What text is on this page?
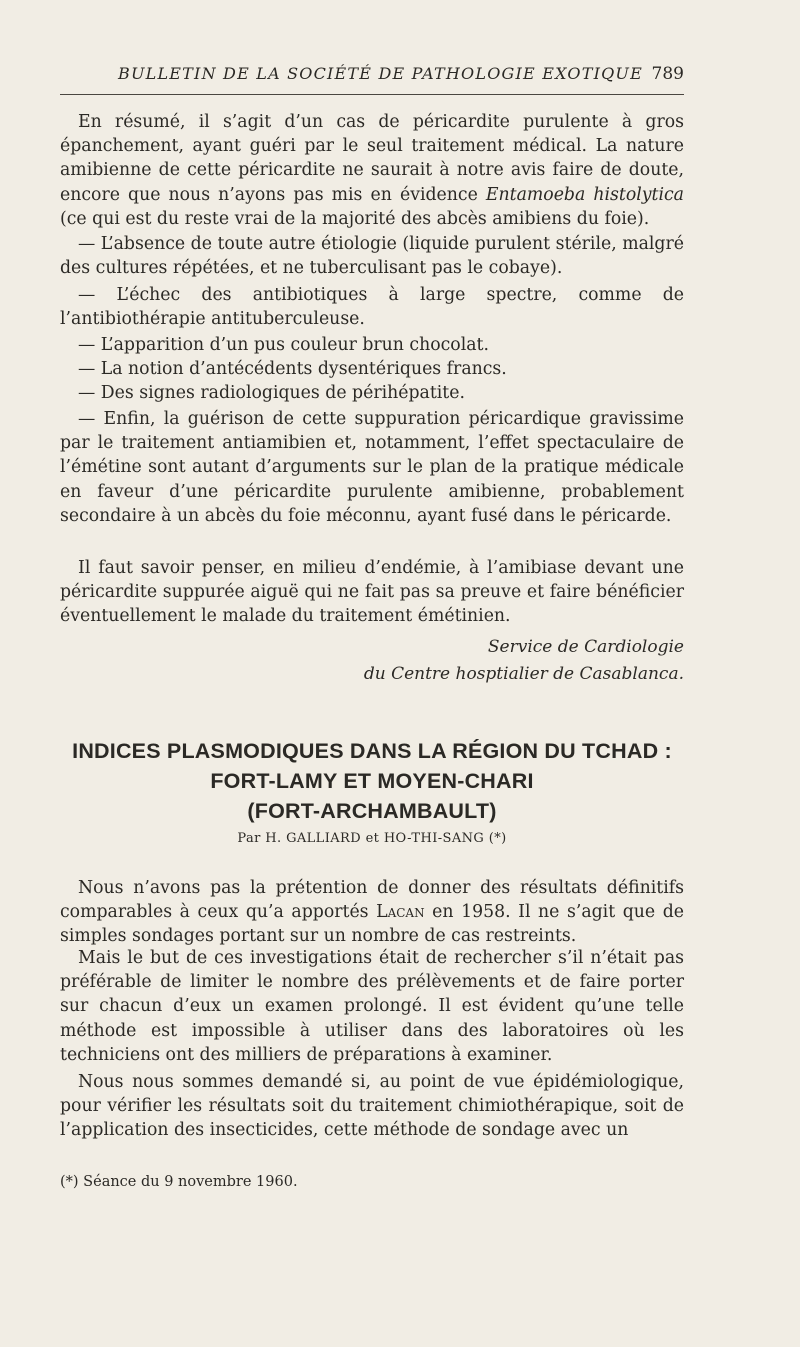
BULLETIN DE LA SOCIÉTÉ DE PATHOLOGIE EXOTIQUE 789

En résumé, il s’agit d’un cas de péricardite purulente à gros épanchement, ayant guéri par le seul traitement médical. La nature amibienne de cette péricardite ne saurait à notre avis faire de doute, encore que nous n’ayons pas mis en évidence Entamoeba histolytica (ce qui est du reste vrai de la majorité des abcès amibiens du foie).

— L’absence de toute autre étiologie (liquide purulent stérile, malgré des cultures répétées, et ne tuberculisant pas le cobaye).

— L’échec des antibiotiques à large spectre, comme de l’antibiothérapie antituberculeuse.

— L’apparition d’un pus couleur brun chocolat.

— La notion d’antécédents dysentériques francs.

— Des signes radiologiques de périhépatite.

— Enfin, la guérison de cette suppuration péricardique gravissime par le traitement antiamibien et, notamment, l’effet spectaculaire de l’émétine sont autant d’arguments sur le plan de la pratique médicale en faveur d’une péricardite purulente amibienne, probablement secondaire à un abcès du foie méconnu, ayant fusé dans le péricarde.

Il faut savoir penser, en milieu d’endémie, à l’amibiase devant une péricardite suppurée aiguë qui ne fait pas sa preuve et faire bénéficier éventuellement le malade du traitement émétinien.

Service de Cardiologie
du Centre hosptialier de Casablanca.
INDICES PLASMODIQUES DANS LA RÉGION DU TCHAD :
FORT-LAMY ET MOYEN-CHARI
(FORT-ARCHAMBAULT)
Par H. GALLIARD et HO-THI-SANG (*)

Nous n’avons pas la prétention de donner des résultats définitifs comparables à ceux qu’a apportés Lacan en 1958. Il ne s’agit que de simples sondages portant sur un nombre de cas restreints.

Mais le but de ces investigations était de rechercher s’il n’était pas préférable de limiter le nombre des prélèvements et de faire porter sur chacun d’eux un examen prolongé. Il est évident qu’une telle méthode est impossible à utiliser dans des laboratoires où les techniciens ont des milliers de préparations à examiner.

Nous nous sommes demandé si, au point de vue épidémiologique, pour vérifier les résultats soit du traitement chimiothérapique, soit de l’application des insecticides, cette méthode de sondage avec un

(*) Séance du 9 novembre 1960.
